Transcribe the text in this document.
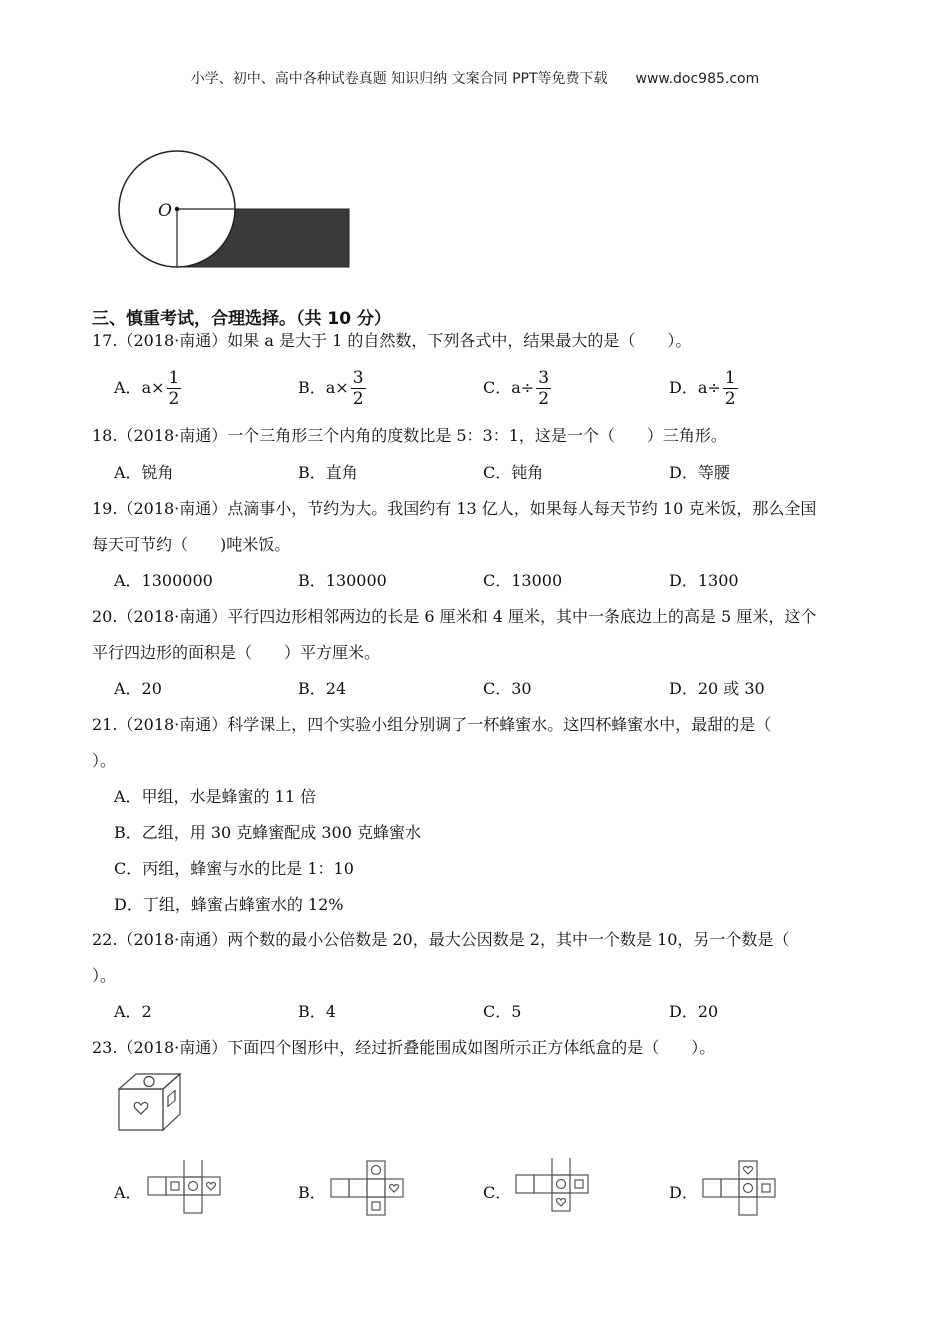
小学、初中、高中各种试卷真题 知识归纳 文案合同 PPT等免费下载 www.doc985.com
O
三、慎重考试，合理选择。（共 10 分）
17.（2018·南通）如果 a 是大于 1 的自然数，下列各式中，结果最大的是（　　）。
A．$a\times \frac{1}{2}$	B．$a\times \frac{3}{2}$	C．$a\div \frac{3}{2}$	D．$a\div \frac{1}{2}$
18.（2018·南通）一个三角形三个内角的度数比是 5：3：1，这是一个（　　）三角形。
A．锐角	B．直角	C．钝角	D．等腰
19.（2018·南通）点滴事小，节约为大。我国约有 13 亿人，如果每人每天节约 10 克米饭，那么全国
每天可节约（　　)吨米饭。
A．1300000	B．130000	C．13000	D．1300
20.（2018·南通）平行四边形相邻两边的长是 6 厘米和 4 厘米，其中一条底边上的高是 5 厘米，这个
平行四边形的面积是（　　）平方厘米。
A．20	B．24	C．30	D．20 或 30
21.（2018·南通）科学课上，四个实验小组分别调了一杯蜂蜜水。这四杯蜂蜜水中，最甜的是（
）。
A．甲组，水是蜂蜜的 11 倍
B．乙组，用 30 克蜂蜜配成 300 克蜂蜜水
C．丙组，蜂蜜与水的比是 1：10
D．丁组，蜂蜜占蜂蜜水的 12%
22.（2018·南通）两个数的最小公倍数是 20，最大公因数是 2，其中一个数是 10，另一个数是（
）。
A．2	B．4	C．5	D．20
23.（2018·南通）下面四个图形中，经过折叠能围成如图所示正方体纸盒的是（　　）。
A．	B．	C．	D．
